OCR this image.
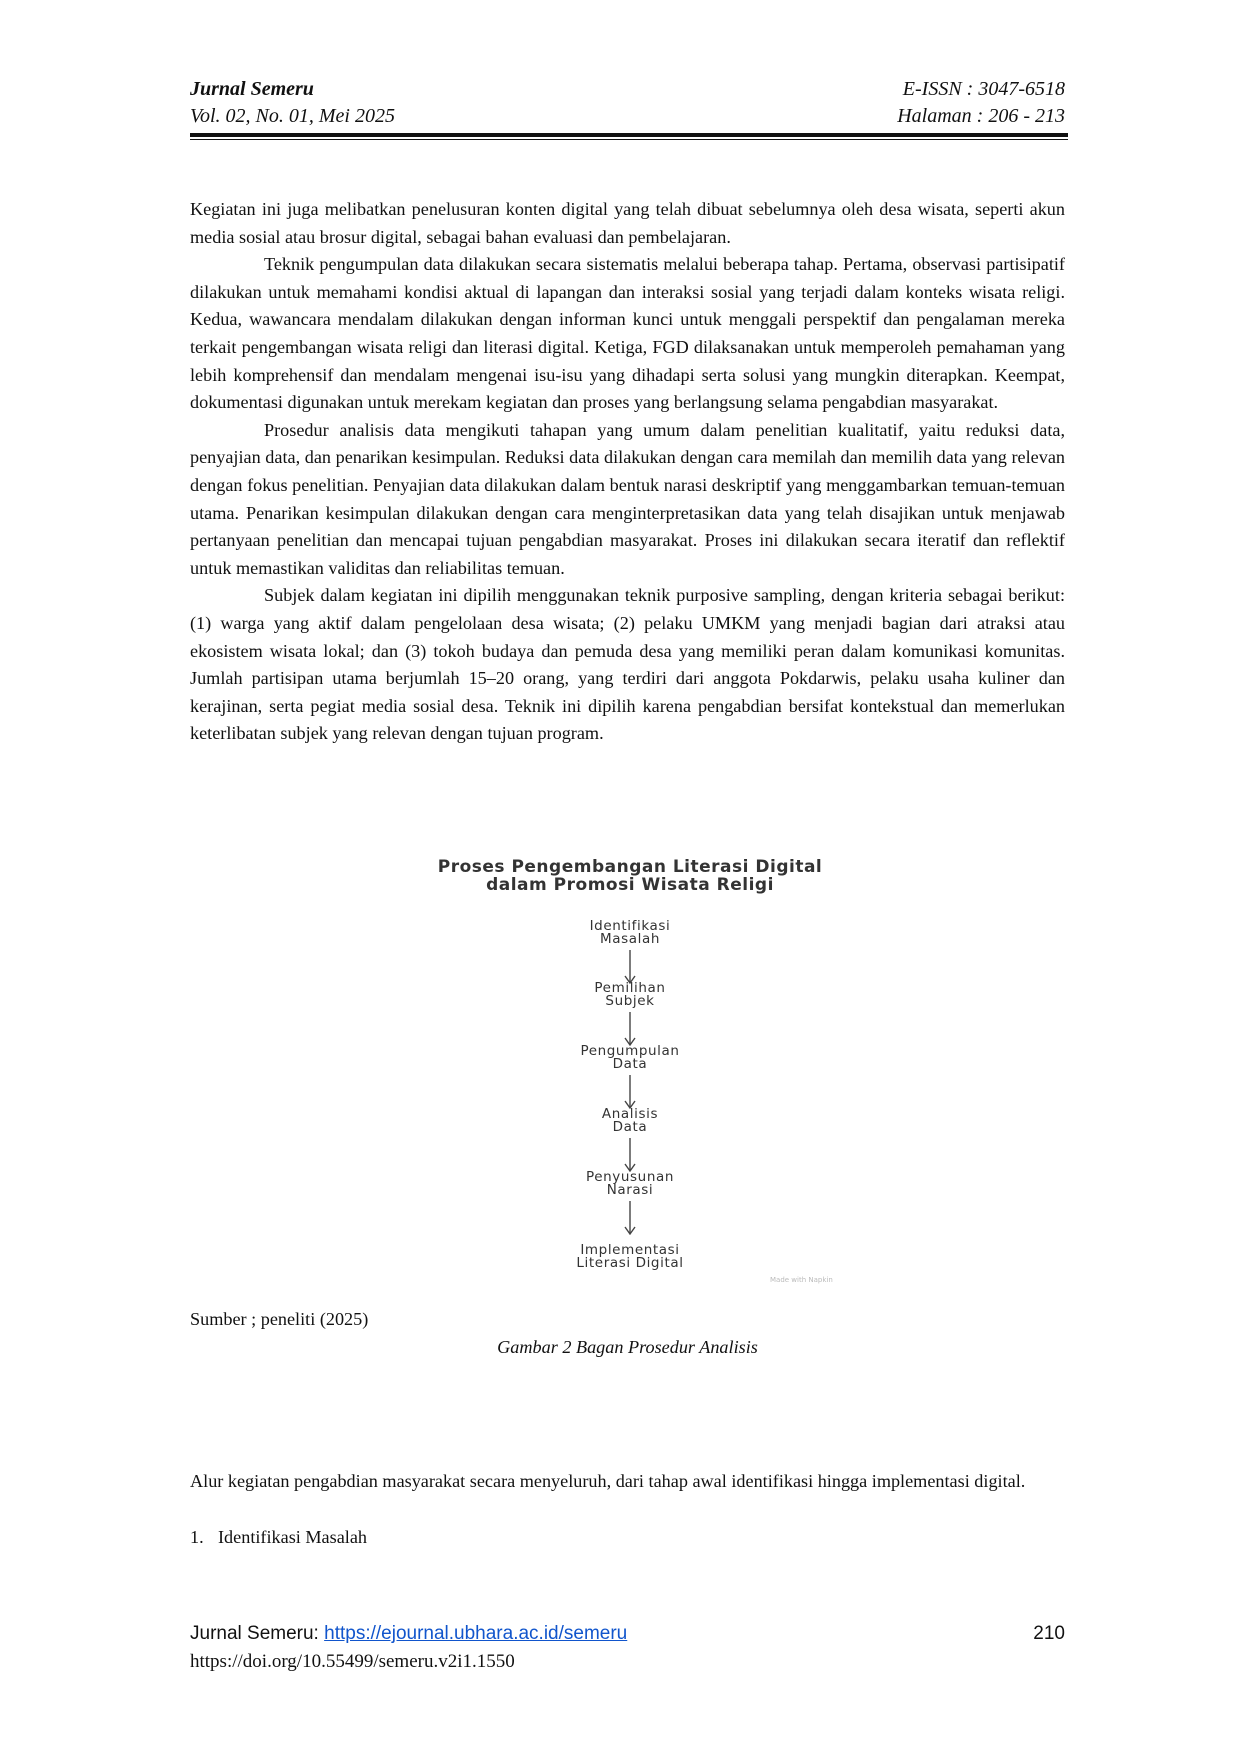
Jurnal Semeru	E-ISSN : 3047-6518
Vol. 02, No. 01, Mei 2025	Halaman : 206 - 213

Kegiatan ini juga melibatkan penelusuran konten digital yang telah dibuat sebelumnya oleh desa wisata, seperti akun media sosial atau brosur digital, sebagai bahan evaluasi dan pembelajaran.

Teknik pengumpulan data dilakukan secara sistematis melalui beberapa tahap. Pertama, observasi partisipatif dilakukan untuk memahami kondisi aktual di lapangan dan interaksi sosial yang terjadi dalam konteks wisata religi. Kedua, wawancara mendalam dilakukan dengan informan kunci untuk menggali perspektif dan pengalaman mereka terkait pengembangan wisata religi dan literasi digital. Ketiga, FGD dilaksanakan untuk memperoleh pemahaman yang lebih komprehensif dan mendalam mengenai isu-isu yang dihadapi serta solusi yang mungkin diterapkan. Keempat, dokumentasi digunakan untuk merekam kegiatan dan proses yang berlangsung selama pengabdian masyarakat.

Prosedur analisis data mengikuti tahapan yang umum dalam penelitian kualitatif, yaitu reduksi data, penyajian data, dan penarikan kesimpulan. Reduksi data dilakukan dengan cara memilah dan memilih data yang relevan dengan fokus penelitian. Penyajian data dilakukan dalam bentuk narasi deskriptif yang menggambarkan temuan-temuan utama. Penarikan kesimpulan dilakukan dengan cara menginterpretasikan data yang telah disajikan untuk menjawab pertanyaan penelitian dan mencapai tujuan pengabdian masyarakat. Proses ini dilakukan secara iteratif dan reflektif untuk memastikan validitas dan reliabilitas temuan.

Subjek dalam kegiatan ini dipilih menggunakan teknik purposive sampling, dengan kriteria sebagai berikut: (1) warga yang aktif dalam pengelolaan desa wisata; (2) pelaku UMKM yang menjadi bagian dari atraksi atau ekosistem wisata lokal; dan (3) tokoh budaya dan pemuda desa yang memiliki peran dalam komunikasi komunitas. Jumlah partisipan utama berjumlah 15–20 orang, yang terdiri dari anggota Pokdarwis, pelaku usaha kuliner dan kerajinan, serta pegiat media sosial desa. Teknik ini dipilih karena pengabdian bersifat kontekstual dan memerlukan keterlibatan subjek yang relevan dengan tujuan program.

Proses Pengembangan Literasi Digital
dalam Promosi Wisata Religi
Identifikasi
Masalah
Pemilihan
Subjek
Pengumpulan
Data
Analisis
Data
Penyusunan
Narasi
Implementasi
Literasi Digital
Made with Napkin
Sumber ; peneliti (2025)
Gambar 2 Bagan Prosedur Analisis

Alur kegiatan pengabdian masyarakat secara menyeluruh, dari tahap awal identifikasi hingga implementasi digital.

1. Identifikasi Masalah
Jurnal Semeru: https://ejournal.ubhara.ac.id/semeru	210
https://doi.org/10.55499/semeru.v2i1.1550
